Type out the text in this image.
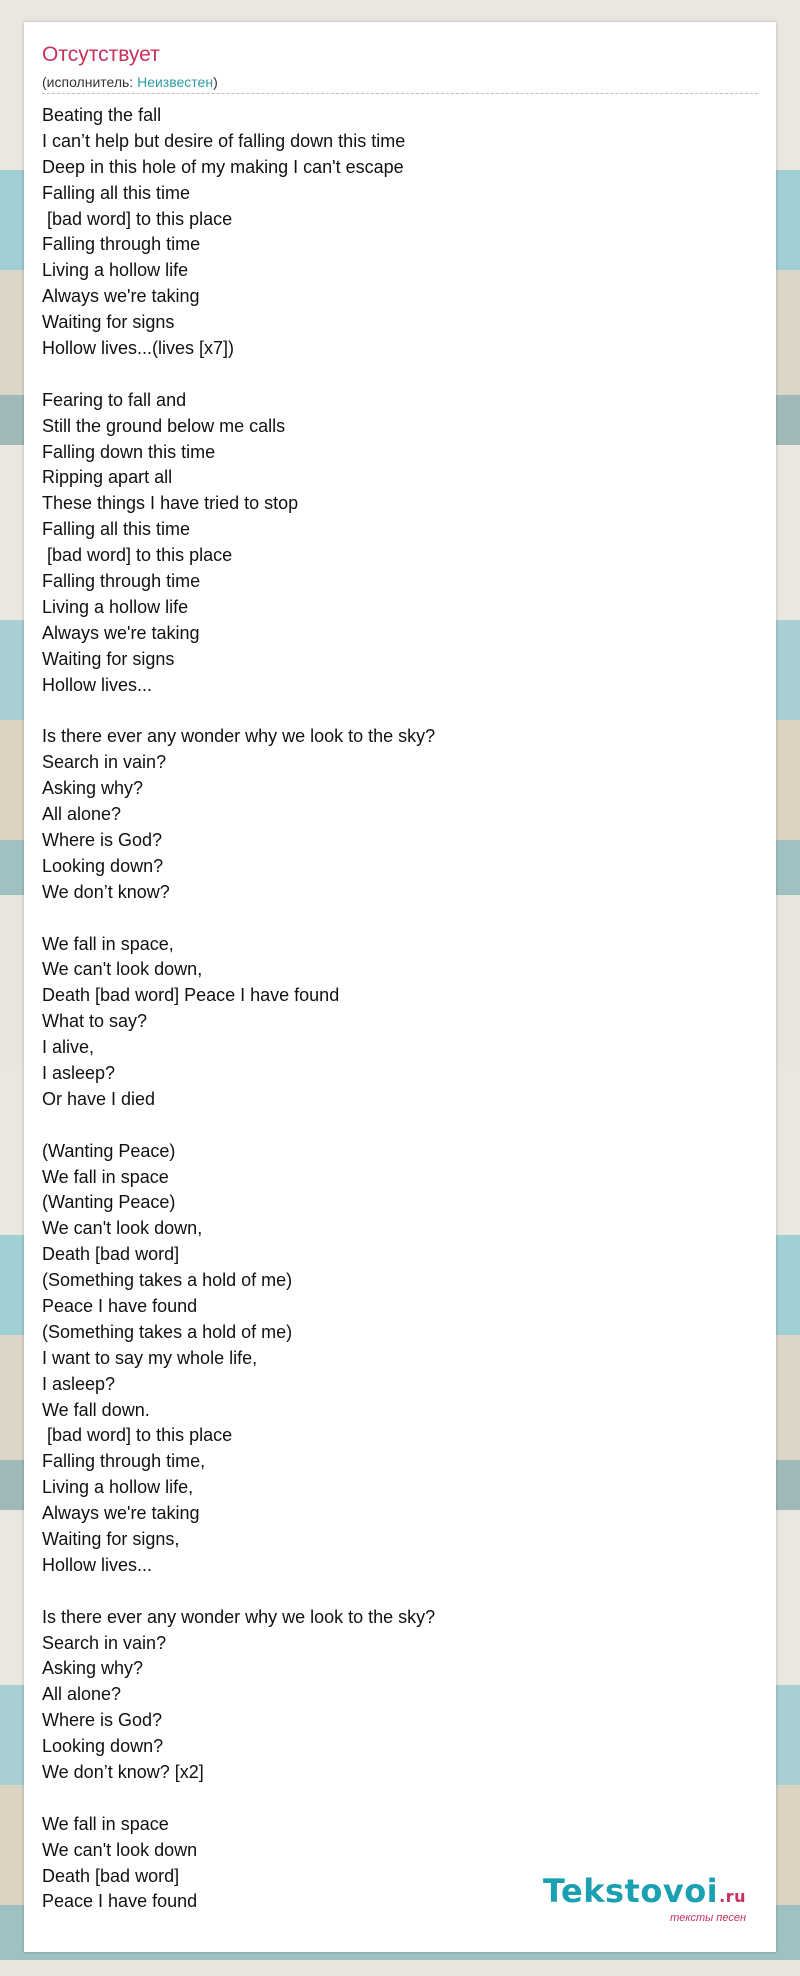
Отсутствует
(исполнитель: Неизвестен)
Beating the fall
I can’t help but desire of falling down this time
Deep in this hole of my making I can't escape
Falling all this time
[bad word] to this place
Falling through time
Living a hollow life
Always we're taking
Waiting for signs
Hollow lives...(lives [x7])
Fearing to fall and
Still the ground below me calls
Falling down this time
Ripping apart all
These things I have tried to stop
Falling all this time
[bad word] to this place
Falling through time
Living a hollow life
Always we're taking
Waiting for signs
Hollow lives...
Is there ever any wonder why we look to the sky?
Search in vain?
Asking why?
All alone?
Where is God?
Looking down?
We don’t know?
We fall in space,
We can't look down,
Death [bad word] Peace I have found
What to say?
I alive,
I asleep?
Or have I died
(Wanting Peace)
We fall in space
(Wanting Peace)
We can't look down,
Death [bad word]
(Something takes a hold of me)
Peace I have found
(Something takes a hold of me)
I want to say my whole life,
I asleep?
We fall down.
[bad word] to this place
Falling through time,
Living a hollow life,
Always we're taking
Waiting for signs,
Hollow lives...
Is there ever any wonder why we look to the sky?
Search in vain?
Asking why?
All alone?
Where is God?
Looking down?
We don’t know? [x2]
We fall in space
We can't look down
Death [bad word]
Peace I have found	Tekstovoi.ru
тексты песен
